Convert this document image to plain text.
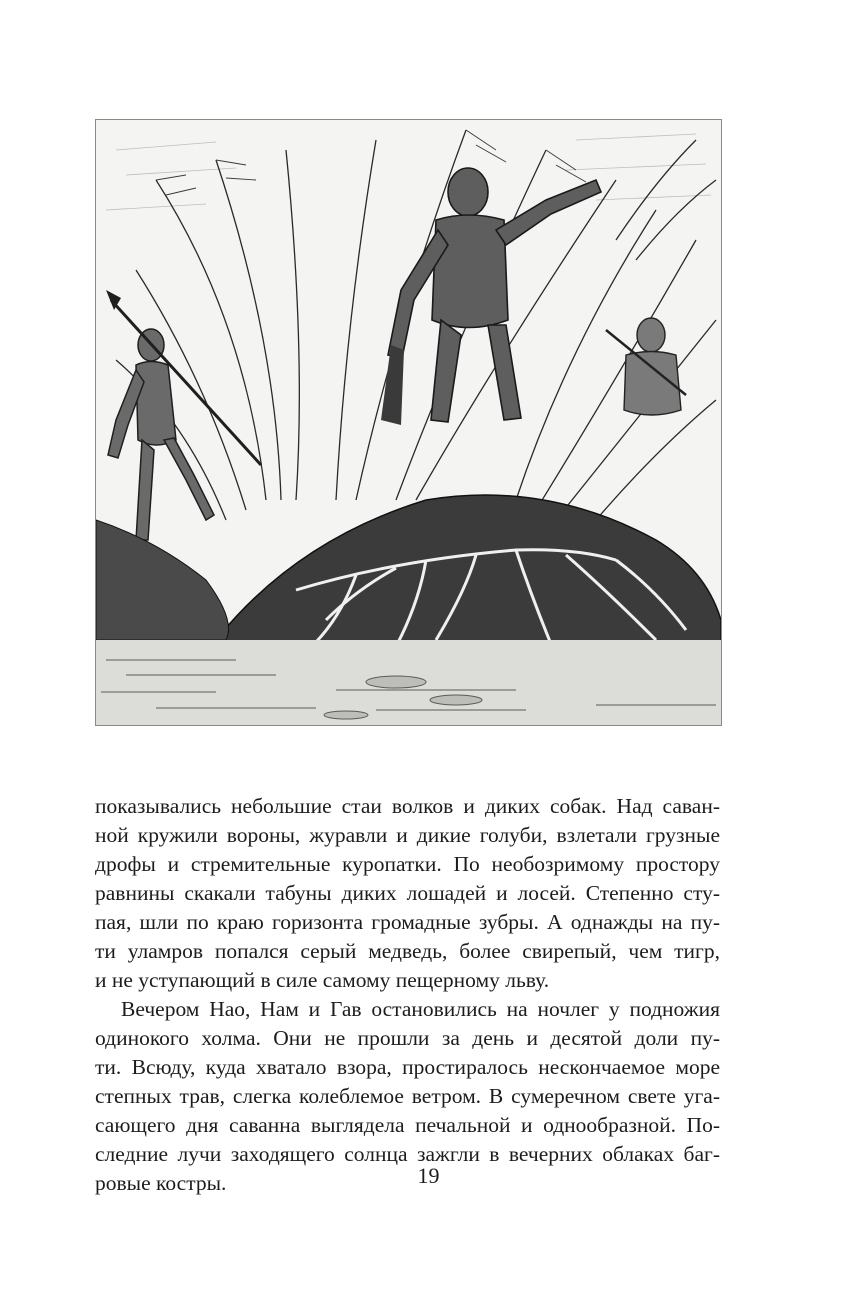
показывались небольшие стаи волков и диких собак. Над саван-
ной кружили вороны, журавли и дикие голуби, взлетали грузные
дрофы и стремительные куропатки. По необозримому простору
равнины скакали табуны диких лошадей и лосей. Степенно сту-
пая, шли по краю горизонта громадные зубры. А однажды на пу-
ти уламров попался серый медведь, более свирепый, чем тигр,
и не уступающий в силе самому пещерному льву.

Вечером Нао, Нам и Гав остановились на ночлег у подножия
одинокого холма. Они не прошли за день и десятой доли пу-
ти. Всюду, куда хватало взора, простиралось нескончаемое море
степных трав, слегка колеблемое ветром. В сумеречном свете уга-
сающего дня саванна выглядела печальной и однообразной. По-
следние лучи заходящего солнца зажгли в вечерних облаках баг-
ровые костры.	19
